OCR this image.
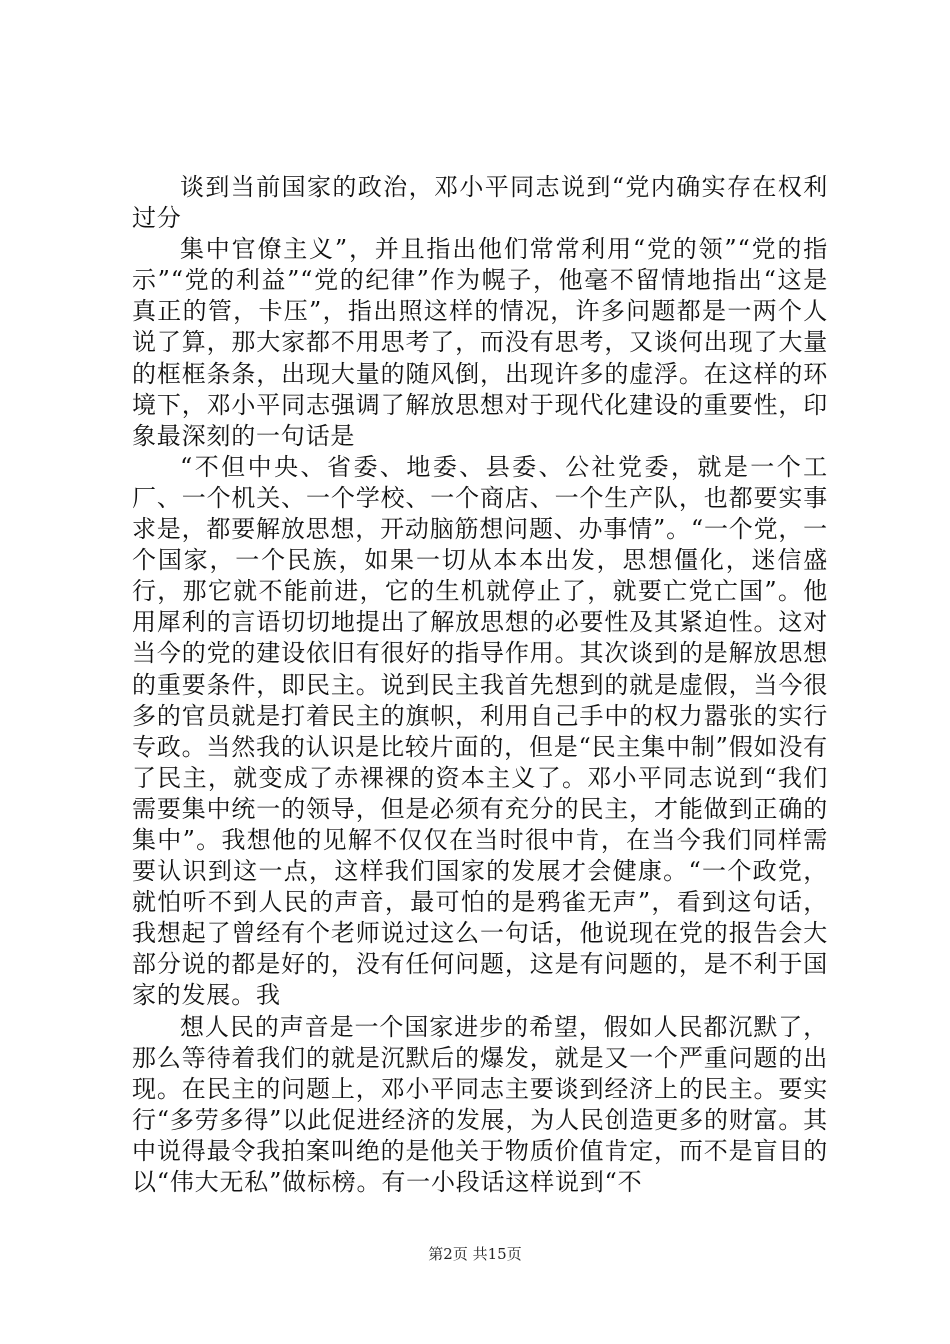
谈到当前国家的政治，邓小平同志说到“党内确实存在权利过分

集中官僚主义”，并且指出他们常常利用“党的领”“党的指示”“党的利益”“党的纪律”作为幌子，他毫不留情地指出“这是真正的管，卡压”，指出照这样的情况，许多问题都是一两个人说了算，那大家都不用思考了，而没有思考，又谈何出现了大量的框框条条，出现大量的随风倒，出现许多的虚浮。在这样的环境下，邓小平同志强调了解放思想对于现代化建设的重要性，印象最深刻的一句话是

“不但中央、省委、地委、县委、公社党委，就是一个工厂、一个机关、一个学校、一个商店、一个生产队，也都要实事求是，都要解放思想，开动脑筋想问题、办事情”。“一个党，一个国家，一个民族，如果一切从本本出发，思想僵化，迷信盛行，那它就不能前进，它的生机就停止了，就要亡党亡国”。他用犀利的言语切切地提出了解放思想的必要性及其紧迫性。这对当今的党的建设依旧有很好的指导作用。其次谈到的是解放思想的重要条件，即民主。说到民主我首先想到的就是虚假，当今很多的官员就是打着民主的旗帜，利用自己手中的权力嚣张的实行专政。当然我的认识是比较片面的，但是“民主集中制”假如没有了民主，就变成了赤裸裸的资本主义了。邓小平同志说到“我们需要集中统一的领导，但是必须有充分的民主，才能做到正确的集中”。我想他的见解不仅仅在当时很中肯，在当今我们同样需要认识到这一点，这样我们国家的发展才会健康。“一个政党，就怕听不到人民的声音，最可怕的是鸦雀无声”，看到这句话，我想起了曾经有个老师说过这么一句话，他说现在党的报告会大部分说的都是好的，没有任何问题，这是有问题的，是不利于国家的发展。我

想人民的声音是一个国家进步的希望，假如人民都沉默了，那么等待着我们的就是沉默后的爆发，就是又一个严重问题的出现。在民主的问题上，邓小平同志主要谈到经济上的民主。要实行“多劳多得”以此促进经济的发展，为人民创造更多的财富。其中说得最令我拍案叫绝的是他关于物质价值肯定，而不是盲目的以“伟大无私”做标榜。有一小段话这样说到“不

第2页 共15页
